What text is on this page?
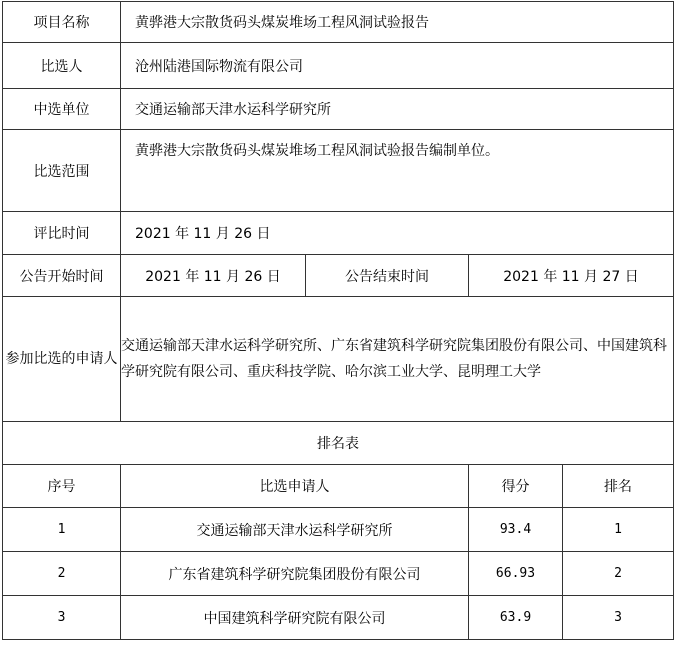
项目名称	黄骅港大宗散货码头煤炭堆场工程风洞试验报告			
比选人	沧州陆港国际物流有限公司			
中选单位	交通运输部天津水运科学研究所			
比选范围	黄骅港大宗散货码头煤炭堆场工程风洞试验报告编制单位。			
评比时间	2021 年 11 月 26 日			
公告开始时间	2021 年 11 月 26 日	公告结束时间	2021 年 11 月 27 日	
参加比选的申请人	交通运输部天津水运科学研究所、广东省建筑科学研究院集团股份有限公司、中国建筑科学研究院有限公司、重庆科技学院、哈尔滨工业大学、昆明理工大学			
排名表				
序号	比选申请人		得分	排名
1	交通运输部天津水运科学研究所		93.4	1
2	广东省建筑科学研究院集团股份有限公司		66.93	2
3	中国建筑科学研究院有限公司		63.9	3
